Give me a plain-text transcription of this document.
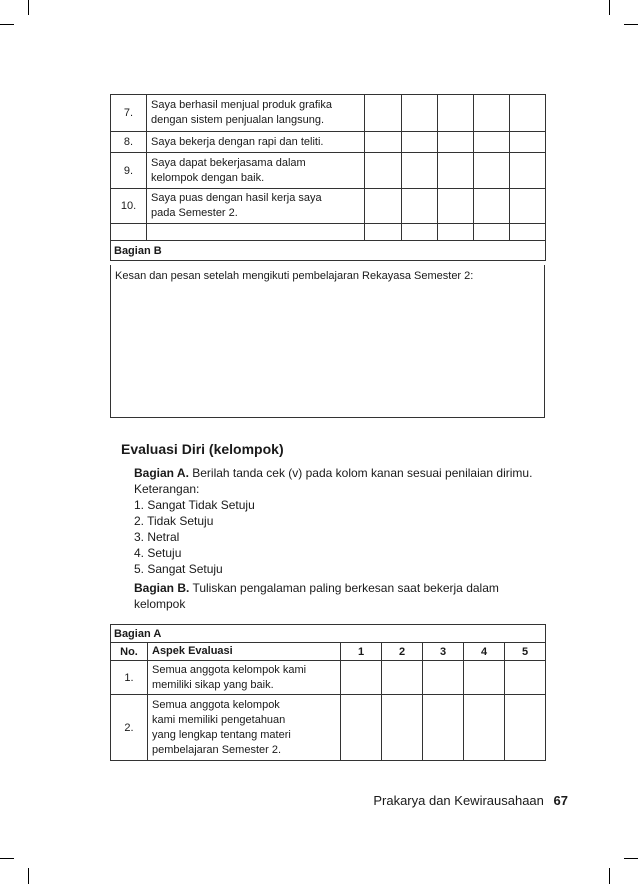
7.	Saya berhasil menjual produk grafika
dengan sistem penjualan langsung.					
8.	Saya bekerja dengan rapi dan teliti.					
9.	Saya dapat bekerjasama dalam
kelompok dengan baik.					
10.	Saya puas dengan hasil kerja saya
pada Semester 2.					

Bagian B						
Kesan dan pesan setelah mengikuti pembelajaran Rekayasa Semester 2:
Evaluasi Diri (kelompok)
Bagian A. Berilah tanda cek (v) pada kolom kanan sesuai penilaian dirimu.
Keterangan:
1. Sangat Tidak Setuju
2. Tidak Setuju
3. Netral
4. Setuju
5. Sangat Setuju
Bagian B. Tuliskan pengalaman paling berkesan saat bekerja dalam
kelompok
Bagian A						
No.	Aspek Evaluasi	1	2	3	4	5
1.	Semua anggota kelompok kami
memiliki sikap yang baik.					
2.	Semua anggota kelompok
kami memiliki pengetahuan
yang lengkap tentang materi
pembelajaran Semester 2.					
Prakarya dan Kewirausahaan 67
